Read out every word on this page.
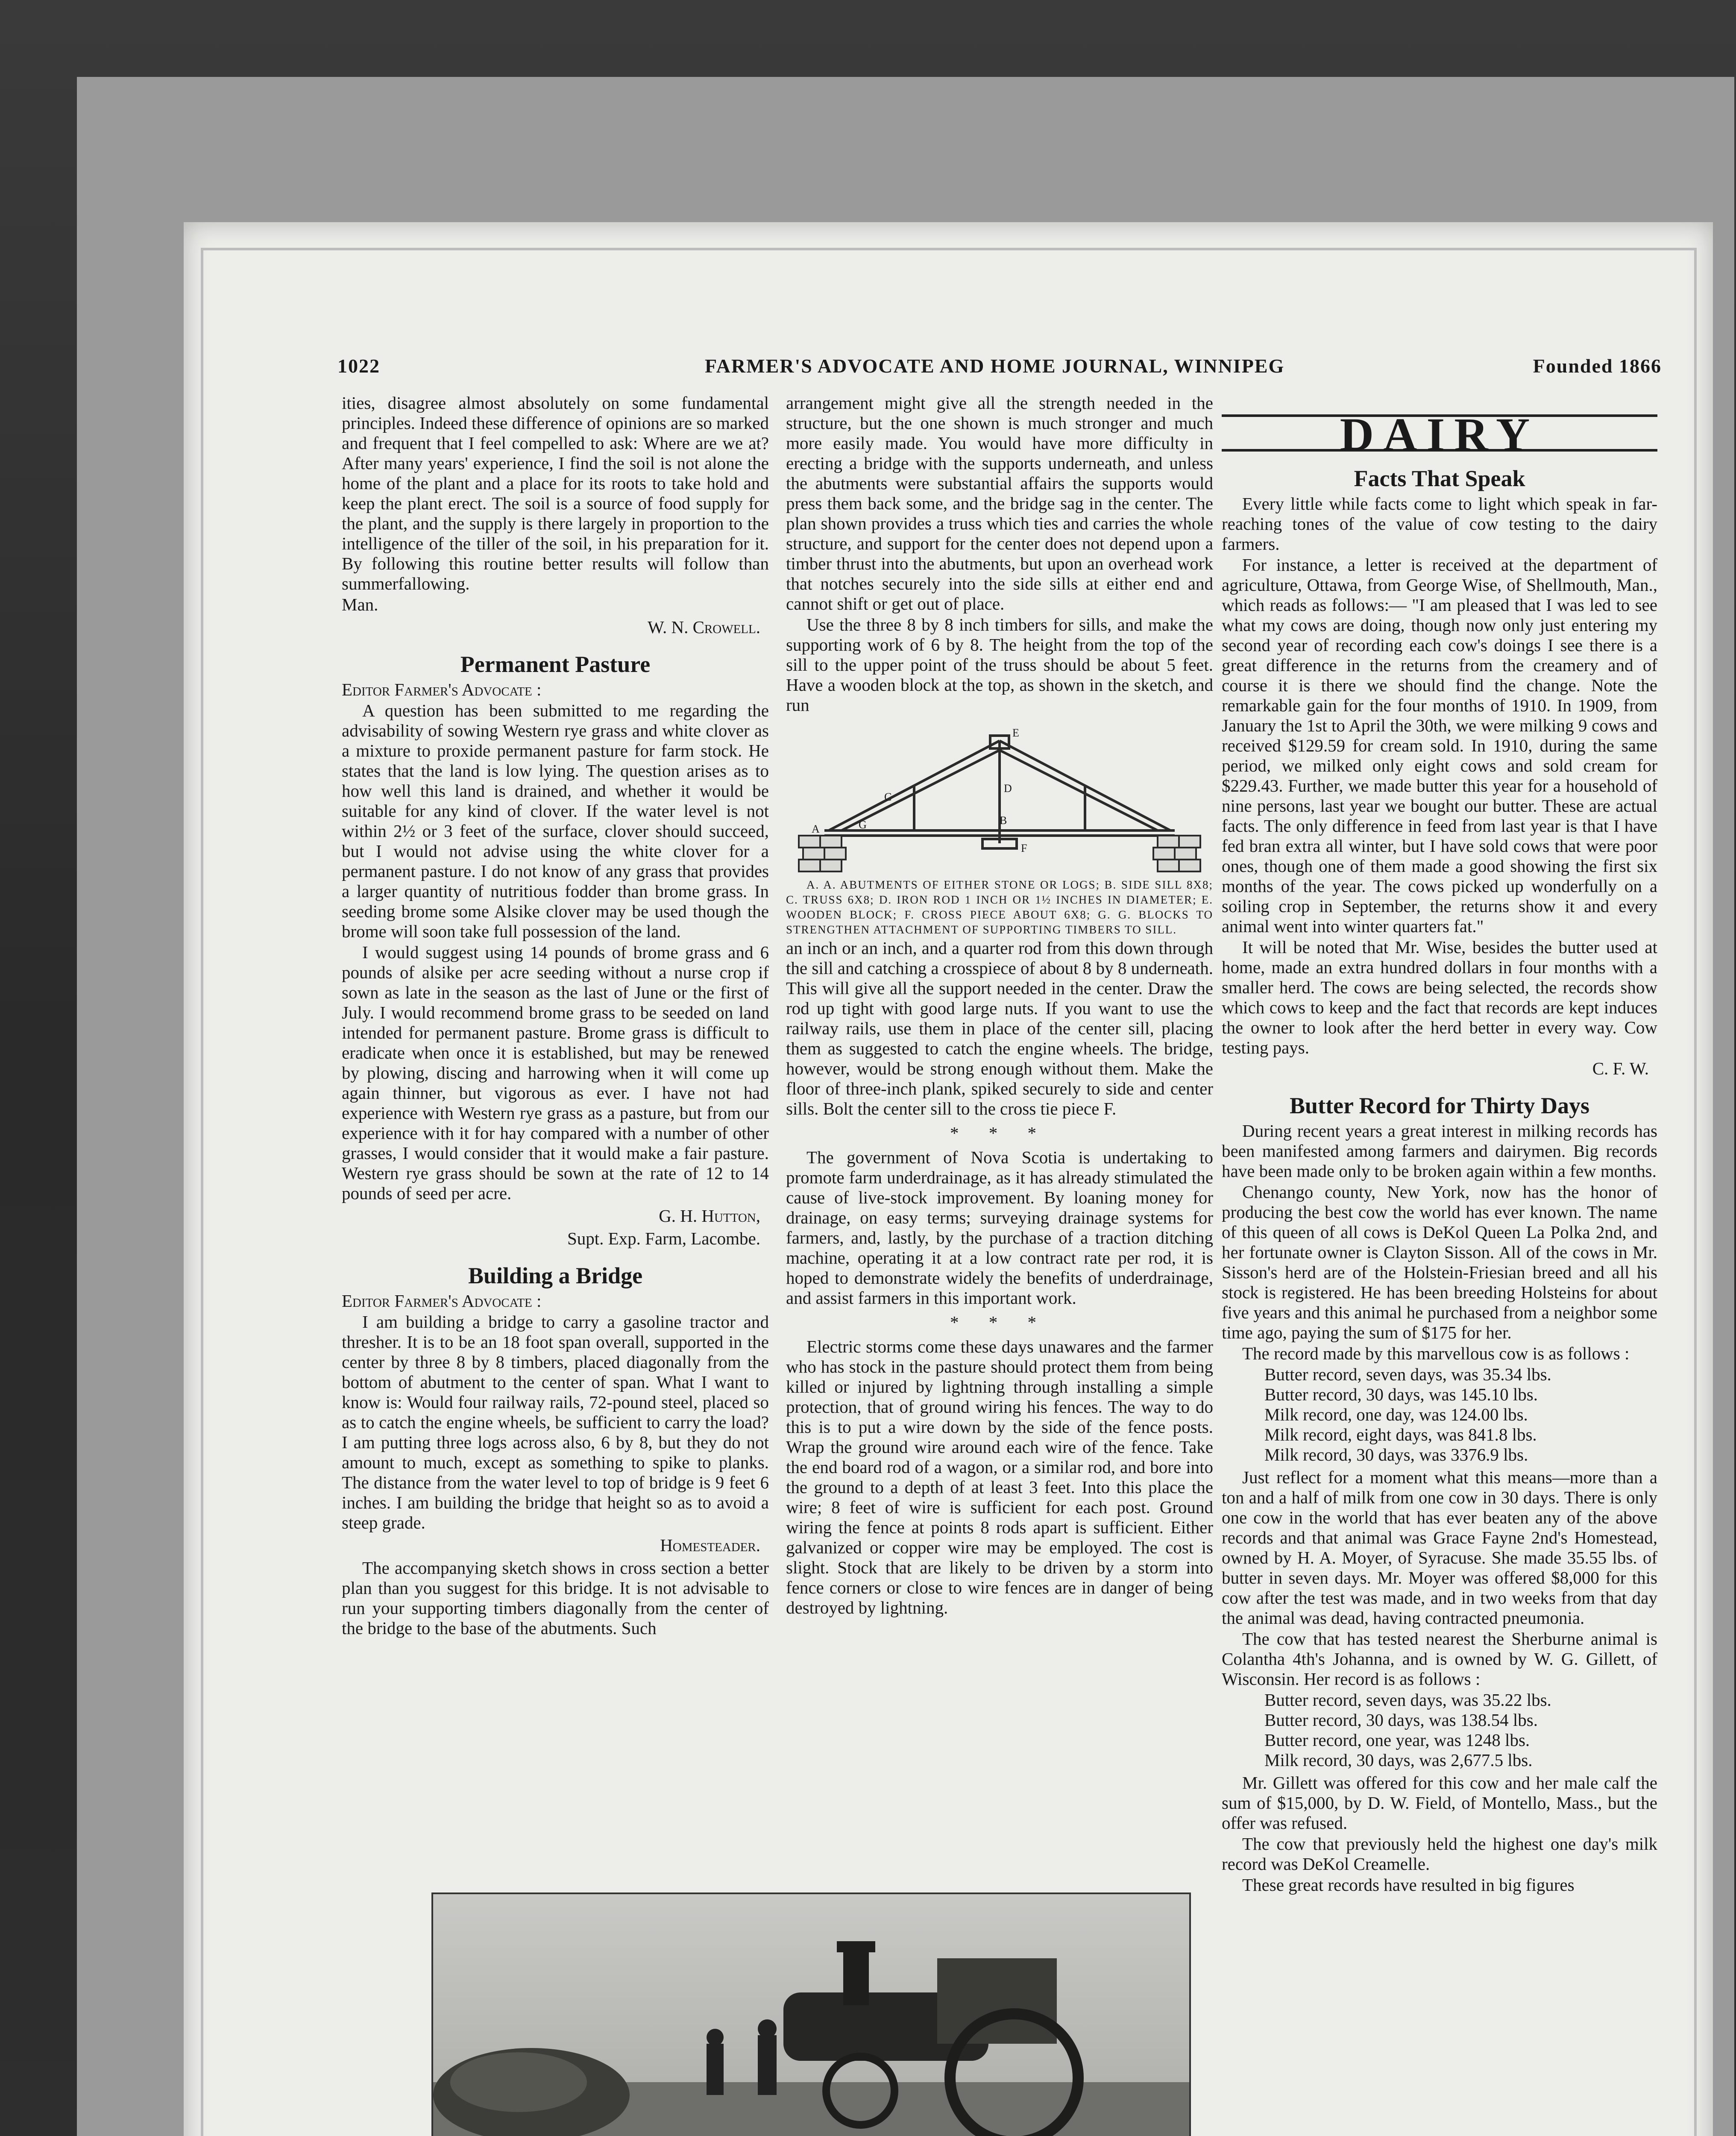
1022	FARMER'S ADVOCATE AND HOME JOURNAL, WINNIPEG	Founded 1866

ities, disagree almost absolutely on some fundamental principles. Indeed these difference of opinions are so marked and frequent that I feel compelled to ask: Where are we at? After many years' experience, I find the soil is not alone the home of the plant and a place for its roots to take hold and keep the plant erect. The soil is a source of food supply for the plant, and the supply is there largely in proportion to the intelligence of the tiller of the soil, in his preparation for it. By following this routine better results will follow than summerfallowing.

Man.

W. N. Crowell.
Permanent Pasture

Editor Farmer's Advocate :

A question has been submitted to me regarding the advisability of sowing Western rye grass and white clover as a mixture to proxide permanent pasture for farm stock. He states that the land is low lying. The question arises as to how well this land is drained, and whether it would be suitable for any kind of clover. If the water level is not within 2½ or 3 feet of the surface, clover should succeed, but I would not advise using the white clover for a permanent pasture. I do not know of any grass that provides a larger quantity of nutritious fodder than brome grass. In seeding brome some Alsike clover may be used though the brome will soon take full possession of the land.

I would suggest using 14 pounds of brome grass and 6 pounds of alsike per acre seeding without a nurse crop if sown as late in the season as the last of June or the first of July. I would recommend brome grass to be seeded on land intended for permanent pasture. Brome grass is difficult to eradicate when once it is established, but may be renewed by plowing, discing and harrowing when it will come up again thinner, but vigorous as ever. I have not had experience with Western rye grass as a pasture, but from our experience with it for hay compared with a number of other grasses, I would consider that it would make a fair pasture. Western rye grass should be sown at the rate of 12 to 14 pounds of seed per acre.

G. H. Hutton,
Supt. Exp. Farm, Lacombe.
Building a Bridge

Editor Farmer's Advocate :

I am building a bridge to carry a gasoline tractor and thresher. It is to be an 18 foot span overall, supported in the center by three 8 by 8 timbers, placed diagonally from the bottom of abutment to the center of span. What I want to know is: Would four railway rails, 72-pound steel, placed so as to catch the engine wheels, be sufficient to carry the load? I am putting three logs across also, 6 by 8, but they do not amount to much, except as something to spike to planks. The distance from the water level to top of bridge is 9 feet 6 inches. I am building the bridge that height so as to avoid a steep grade.

Homesteader.

The accompanying sketch shows in cross section a better plan than you suggest for this bridge. It is not advisable to run your supporting timbers diagonally from the center of the bridge to the base of the abutments. Such

arrangement might give all the strength needed in the structure, but the one shown is much stronger and much more easily made. You would have more difficulty in erecting a bridge with the supports underneath, and unless the abutments were substantial affairs the supports would press them back some, and the bridge sag in the center. The plan shown provides a truss which ties and carries the whole structure, and support for the center does not depend upon a timber thrust into the abutments, but upon an overhead work that notches securely into the side sills at either end and cannot shift or get out of place.

Use the three 8 by 8 inch timbers for sills, and make the supporting work of 6 by 8. The height from the top of the sill to the upper point of the truss should be about 5 feet. Have a wooden block at the top, as shown in the sketch, and run

A
B
C
D
E
F
G

A. A. ABUTMENTS OF EITHER STONE OR LOGS; B. SIDE SILL 8X8; C. TRUSS 6X8; D. IRON ROD 1 INCH OR 1½ INCHES IN DIAMETER; E. WOODEN BLOCK; F. CROSS PIECE ABOUT 6X8; G. G. BLOCKS TO STRENGTHEN ATTACHMENT OF SUPPORTING TIMBERS TO SILL.

an inch or an inch, and a quarter rod from this down through the sill and catching a crosspiece of about 8 by 8 underneath. This will give all the support needed in the center. Draw the rod up tight with good large nuts. If you want to use the railway rails, use them in place of the center sill, placing them as suggested to catch the engine wheels. The bridge, however, would be strong enough without them. Make the floor of three-inch plank, spiked securely to side and center sills. Bolt the center sill to the cross tie piece F.

* * *

The government of Nova Scotia is undertaking to promote farm underdrainage, as it has already stimulated the cause of live-stock improvement. By loaning money for drainage, on easy terms; surveying drainage systems for farmers, and, lastly, by the purchase of a traction ditching machine, operating it at a low contract rate per rod, it is hoped to demonstrate widely the benefits of underdrainage, and assist farmers in this important work.

* * *

Electric storms come these days unawares and the farmer who has stock in the pasture should protect them from being killed or injured by lightning through installing a simple protection, that of ground wiring his fences. The way to do this is to put a wire down by the side of the fence posts. Wrap the ground wire around each wire of the fence. Take the end board rod of a wagon, or a similar rod, and bore into the ground to a depth of at least 3 feet. Into this place the wire; 8 feet of wire is sufficient for each post. Ground wiring the fence at points 8 rods apart is sufficient. Either galvanized or copper wire may be employed. The cost is slight. Stock that are likely to be driven by a storm into fence corners or close to wire fences are in danger of being destroyed by lightning.

DAIRY
Facts That Speak

Every little while facts come to light which speak in far-reaching tones of the value of cow testing to the dairy farmers.

For instance, a letter is received at the department of agriculture, Ottawa, from George Wise, of Shellmouth, Man., which reads as follows:— "I am pleased that I was led to see what my cows are doing, though now only just entering my second year of recording each cow's doings I see there is a great difference in the returns from the creamery and of course it is there we should find the change. Note the remarkable gain for the four months of 1910. In 1909, from January the 1st to April the 30th, we were milking 9 cows and received $129.59 for cream sold. In 1910, during the same period, we milked only eight cows and sold cream for $229.43. Further, we made butter this year for a household of nine persons, last year we bought our butter. These are actual facts. The only difference in feed from last year is that I have fed bran extra all winter, but I have sold cows that were poor ones, though one of them made a good showing the first six months of the year. The cows picked up wonderfully on a soiling crop in September, the returns show it and every animal went into winter quarters fat."

It will be noted that Mr. Wise, besides the butter used at home, made an extra hundred dollars in four months with a smaller herd. The cows are being selected, the records show which cows to keep and the fact that records are kept induces the owner to look after the herd better in every way. Cow testing pays.

C. F. W.
Butter Record for Thirty Days

During recent years a great interest in milking records has been manifested among farmers and dairymen. Big records have been made only to be broken again within a few months.

Chenango county, New York, now has the honor of producing the best cow the world has ever known. The name of this queen of all cows is DeKol Queen La Polka 2nd, and her fortunate owner is Clayton Sisson. All of the cows in Mr. Sisson's herd are of the Holstein-Friesian breed and all his stock is registered. He has been breeding Holsteins for about five years and this animal he purchased from a neighbor some time ago, paying the sum of $175 for her.

The record made by this marvellous cow is as follows :

Butter record, seven days, was 35.34 lbs.
Butter record, 30 days, was 145.10 lbs.
Milk record, one day, was 124.00 lbs.
Milk record, eight days, was 841.8 lbs.
Milk record, 30 days, was 3376.9 lbs.

Just reflect for a moment what this means—more than a ton and a half of milk from one cow in 30 days. There is only one cow in the world that has ever beaten any of the above records and that animal was Grace Fayne 2nd's Homestead, owned by H. A. Moyer, of Syracuse. She made 35.55 lbs. of butter in seven days. Mr. Moyer was offered $8,000 for this cow after the test was made, and in two weeks from that day the animal was dead, having contracted pneumonia.

The cow that has tested nearest the Sherburne animal is Colantha 4th's Johanna, and is owned by W. G. Gillett, of Wisconsin. Her record is as follows :

Butter record, seven days, was 35.22 lbs.
Butter record, 30 days, was 138.54 lbs.
Butter record, one year, was 1248 lbs.
Milk record, 30 days, was 2,677.5 lbs.

Mr. Gillett was offered for this cow and her male calf the sum of $15,000, by D. W. Field, of Montello, Mass., but the offer was refused.

The cow that previously held the highest one day's milk record was DeKol Creamelle.

These great records have resulted in big figures
